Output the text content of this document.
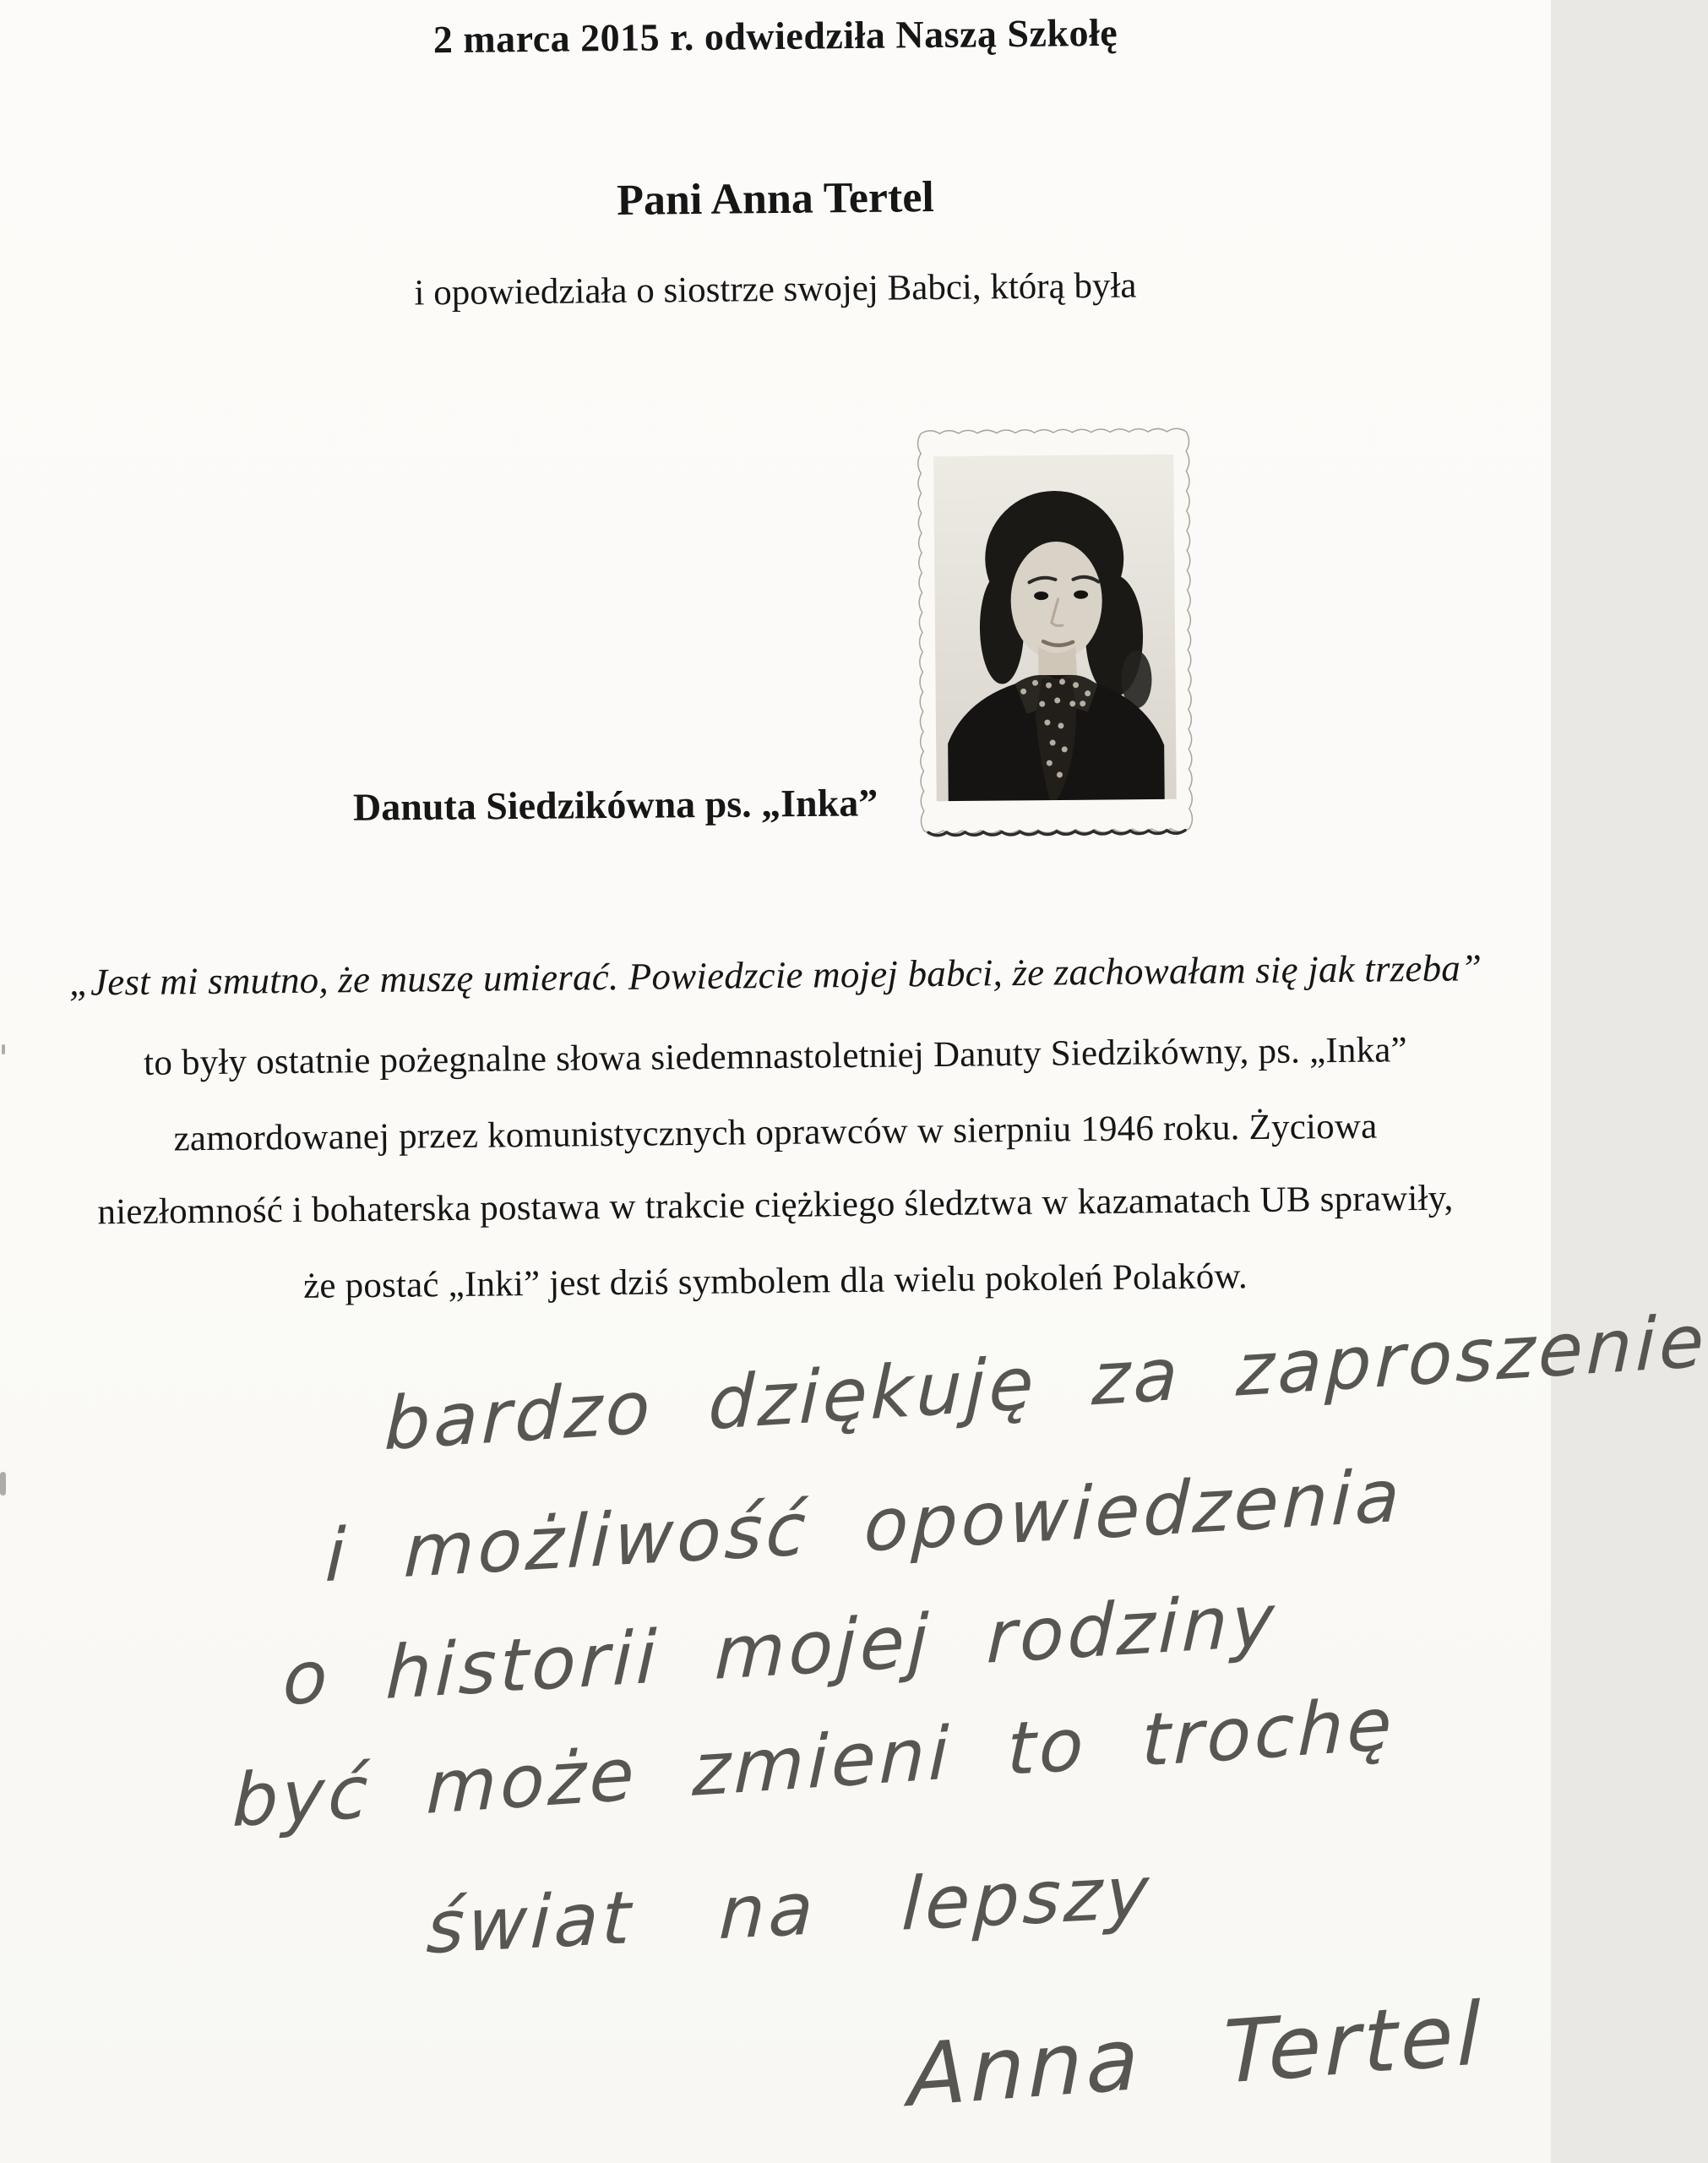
2 marca 2015 r. odwiedziła Naszą Szkołę
Pani Anna Tertel
i opowiedziała o siostrze swojej Babci, którą była
Danuta Siedzikówna ps. „Inka”
„Jest mi smutno, że muszę umierać. Powiedzcie mojej babci, że zachowałam się jak trzeba”
to były ostatnie pożegnalne słowa siedemnastoletniej Danuty Siedzikówny, ps. „Inka”
zamordowanej przez komunistycznych oprawców w sierpniu 1946 roku. Życiowa
niezłomność i bohaterska postawa w trakcie ciężkiego śledztwa w kazamatach UB sprawiły,
że postać „Inki” jest dziś symbolem dla wielu pokoleń Polaków.
bardzo dziękuję za zaproszenie
i możliwość opowiedzenia
o historii mojej rodziny
być może zmieni to trochę
świat na lepszy
Anna Tertel
